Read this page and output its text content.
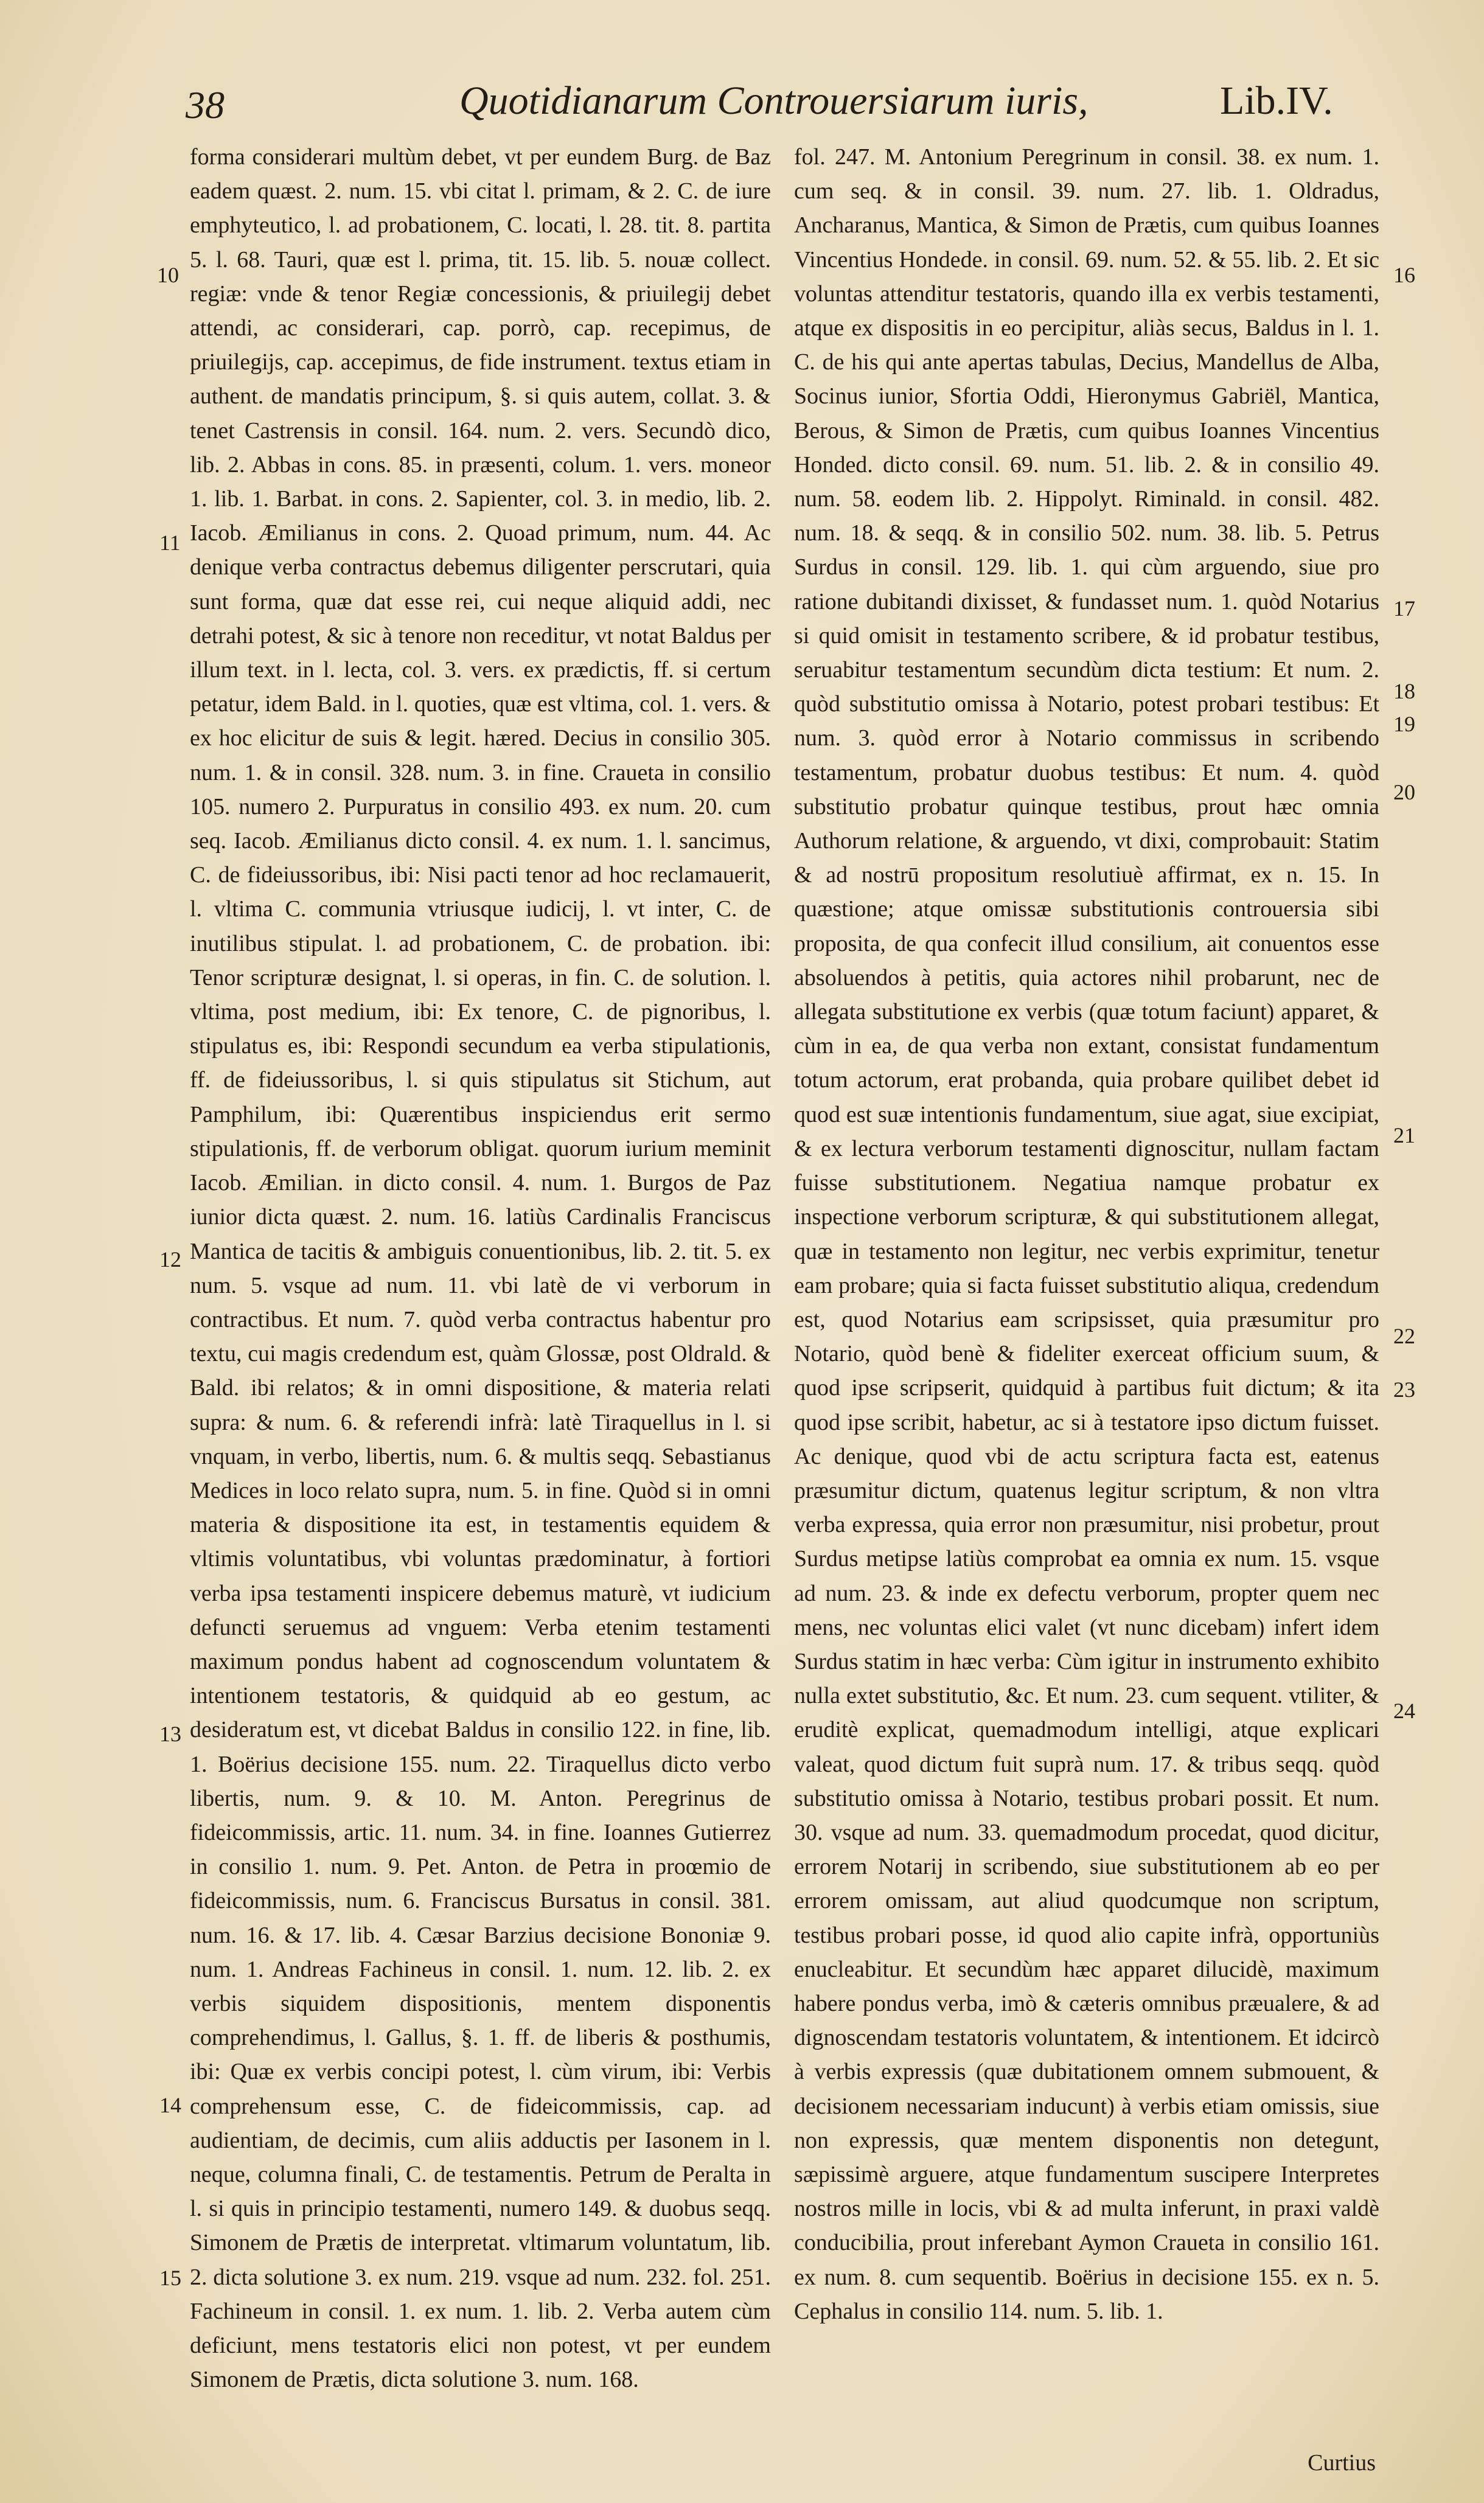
38	Quotidianarum Controuersiarum iuris,	Lib.IV.

forma considerari multùm debet, vt per eundem Burg. de Baz eadem quæst. 2. num. 15. vbi citat l. primam, & 2. C. de iure emphyteutico, l. ad probationem, C. locati, l. 28. tit. 8. partita 5. l. 68. Tauri, quæ est l. prima, tit. 15. lib. 5. nouæ collect. regiæ: vnde & tenor Regiæ concessionis, & priuilegij debet attendi, ac considerari, cap. porrò, cap. recepimus, de priuilegijs, cap. accepimus, de fide instrument. textus etiam in authent. de mandatis principum, §. si quis autem, collat. 3. & tenet Castrensis in consil. 164. num. 2. vers. Secundò dico, lib. 2. Abbas in cons. 85. in præsenti, colum. 1. vers. moneor 1. lib. 1. Barbat. in cons. 2. Sapienter, col. 3. in medio, lib. 2. Iacob. Æmilianus in cons. 2. Quoad primum, num. 44. Ac denique verba contractus debemus diligenter perscrutari, quia sunt forma, quæ dat esse rei, cui neque aliquid addi, nec detrahi potest, & sic à tenore non receditur, vt notat Baldus per illum text. in l. lecta, col. 3. vers. ex prædictis, ff. si certum petatur, idem Bald. in l. quoties, quæ est vltima, col. 1. vers. & ex hoc elicitur de suis & legit. hæred. Decius in consilio 305. num. 1. & in consil. 328. num. 3. in fine. Craueta in consilio 105. numero 2. Purpuratus in consilio 493. ex num. 20. cum seq. Iacob. Æmilianus dicto consil. 4. ex num. 1. l. sancimus, C. de fideiussoribus, ibi: Nisi pacti tenor ad hoc reclamauerit, l. vltima C. communia vtriusque iudicij, l. vt inter, C. de inutilibus stipulat. l. ad probationem, C. de probation. ibi: Tenor scripturæ designat, l. si operas, in fin. C. de solution. l. vltima, post medium, ibi: Ex tenore, C. de pignoribus, l. stipulatus es, ibi: Respondi secundum ea verba stipulationis, ff. de fideiussoribus, l. si quis stipulatus sit Stichum, aut Pamphilum, ibi: Quærentibus inspiciendus erit sermo stipulationis, ff. de verborum obligat. quorum iurium meminit Iacob. Æmilian. in dicto consil. 4. num. 1. Burgos de Paz iunior dicta quæst. 2. num. 16. latiùs Cardinalis Franciscus Mantica de tacitis & ambiguis conuentionibus, lib. 2. tit. 5. ex num. 5. vsque ad num. 11. vbi latè de vi verborum in contractibus. Et num. 7. quòd verba contractus habentur pro textu, cui magis credendum est, quàm Glossæ, post Oldrald. & Bald. ibi relatos; & in omni dispositione, & materia relati supra: & num. 6. & referendi infrà: latè Tiraquellus in l. si vnquam, in verbo, libertis, num. 6. & multis seqq. Sebastianus Medices in loco relato supra, num. 5. in fine. Quòd si in omni materia & dispositione ita est, in testamentis equidem & vltimis voluntatibus, vbi voluntas prædominatur, à fortiori verba ipsa testamenti inspicere debemus maturè, vt iudicium defuncti seruemus ad vnguem: Verba etenim testamenti maximum pondus habent ad cognoscendum voluntatem & intentionem testatoris, & quidquid ab eo gestum, ac desideratum est, vt dicebat Baldus in consilio 122. in fine, lib. 1. Boërius decisione 155. num. 22. Tiraquellus dicto verbo libertis, num. 9. & 10. M. Anton. Peregrinus de fideicommissis, artic. 11. num. 34. in fine. Ioannes Gutierrez in consilio 1. num. 9. Pet. Anton. de Petra in proœmio de fideicommissis, num. 6. Franciscus Bursatus in consil. 381. num. 16. & 17. lib. 4. Cæsar Barzius decisione Bononiæ 9. num. 1. Andreas Fachineus in consil. 1. num. 12. lib. 2. ex verbis siquidem dispositionis, mentem disponentis comprehendimus, l. Gallus, §. 1. ff. de liberis & posthumis, ibi: Quæ ex verbis concipi potest, l. cùm virum, ibi: Verbis comprehensum esse, C. de fideicommissis, cap. ad audientiam, de decimis, cum aliis adductis per Iasonem in l. neque, columna finali, C. de testamentis. Petrum de Peralta in l. si quis in principio testamenti, numero 149. & duobus seqq. Simonem de Prætis de interpretat. vltimarum voluntatum, lib. 2. dicta solutione 3. ex num. 219. vsque ad num. 232. fol. 251. Fachineum in consil. 1. ex num. 1. lib. 2. Verba autem cùm deficiunt, mens testatoris elici non potest, vt per eundem Simonem de Prætis, dicta solutione 3. num. 168.

fol. 247. M. Antonium Peregrinum in consil. 38. ex num. 1. cum seq. & in consil. 39. num. 27. lib. 1. Oldradus, Ancharanus, Mantica, & Simon de Prætis, cum quibus Ioannes Vincentius Hondede. in consil. 69. num. 52. & 55. lib. 2. Et sic voluntas attenditur testatoris, quando illa ex verbis testamenti, atque ex dispositis in eo percipitur, aliàs secus, Baldus in l. 1. C. de his qui ante apertas tabulas, Decius, Mandellus de Alba, Socinus iunior, Sfortia Oddi, Hieronymus Gabriël, Mantica, Berous, & Simon de Prætis, cum quibus Ioannes Vincentius Honded. dicto consil. 69. num. 51. lib. 2. & in consilio 49. num. 58. eodem lib. 2. Hippolyt. Riminald. in consil. 482. num. 18. & seqq. & in consilio 502. num. 38. lib. 5. Petrus Surdus in consil. 129. lib. 1. qui cùm arguendo, siue pro ratione dubitandi dixisset, & fundasset num. 1. quòd Notarius si quid omisit in testamento scribere, & id probatur testibus, seruabitur testamentum secundùm dicta testium: Et num. 2. quòd substitutio omissa à Notario, potest probari testibus: Et num. 3. quòd error à Notario commissus in scribendo testamentum, probatur duobus testibus: Et num. 4. quòd substitutio probatur quinque testibus, prout hæc omnia Authorum relatione, & arguendo, vt dixi, comprobauit: Statim & ad nostrū propositum resolutiuè affirmat, ex n. 15. In quæstione; atque omissæ substitutionis controuersia sibi proposita, de qua confecit illud consilium, ait conuentos esse absoluendos à petitis, quia actores nihil probarunt, nec de allegata substitutione ex verbis (quæ totum faciunt) apparet, & cùm in ea, de qua verba non extant, consistat fundamentum totum actorum, erat probanda, quia probare quilibet debet id quod est suæ intentionis fundamentum, siue agat, siue excipiat, & ex lectura verborum testamenti dignoscitur, nullam factam fuisse substitutionem. Negatiua namque probatur ex inspectione verborum scripturæ, & qui substitutionem allegat, quæ in testamento non legitur, nec verbis exprimitur, tenetur eam probare; quia si facta fuisset substitutio aliqua, credendum est, quod Notarius eam scripsisset, quia præsumitur pro Notario, quòd benè & fideliter exerceat officium suum, & quod ipse scripserit, quidquid à partibus fuit dictum; & ita quod ipse scribit, habetur, ac si à testatore ipso dictum fuisset. Ac denique, quod vbi de actu scriptura facta est, eatenus præsumitur dictum, quatenus legitur scriptum, & non vltra verba expressa, quia error non præsumitur, nisi probetur, prout Surdus metipse latiùs comprobat ea omnia ex num. 15. vsque ad num. 23. & inde ex defectu verborum, propter quem nec mens, nec voluntas elici valet (vt nunc dicebam) infert idem Surdus statim in hæc verba: Cùm igitur in instrumento exhibito nulla extet substitutio, &c. Et num. 23. cum sequent. vtiliter, & eruditè explicat, quemadmodum intelligi, atque explicari valeat, quod dictum fuit suprà num. 17. & tribus seqq. quòd substitutio omissa à Notario, testibus probari possit. Et num. 30. vsque ad num. 33. quemadmodum procedat, quod dicitur, errorem Notarij in scribendo, siue substitutionem ab eo per errorem omissam, aut aliud quodcumque non scriptum, testibus probari posse, id quod alio capite infrà, opportuniùs enucleabitur. Et secundùm hæc apparet dilucidè, maximum habere pondus verba, imò & cæteris omnibus præualere, & ad dignoscendam testatoris voluntatem, & intentionem. Et idcircò à verbis expressis (quæ dubitationem omnem submouent, & decisionem necessariam inducunt) à verbis etiam omissis, siue non expressis, quæ mentem disponentis non detegunt, sæpissimè arguere, atque fundamentum suscipere Interpretes nostros mille in locis, vbi & ad multa inferunt, in praxi valdè conducibilia, prout inferebant Aymon Craueta in consilio 161. ex num. 8. cum sequentib. Boërius in decisione 155. ex n. 5. Cephalus in consilio 114. num. 5. lib. 1.

10
11
12
13
14
15
16
17
18
19
20
21
22
23
24
Curtius
